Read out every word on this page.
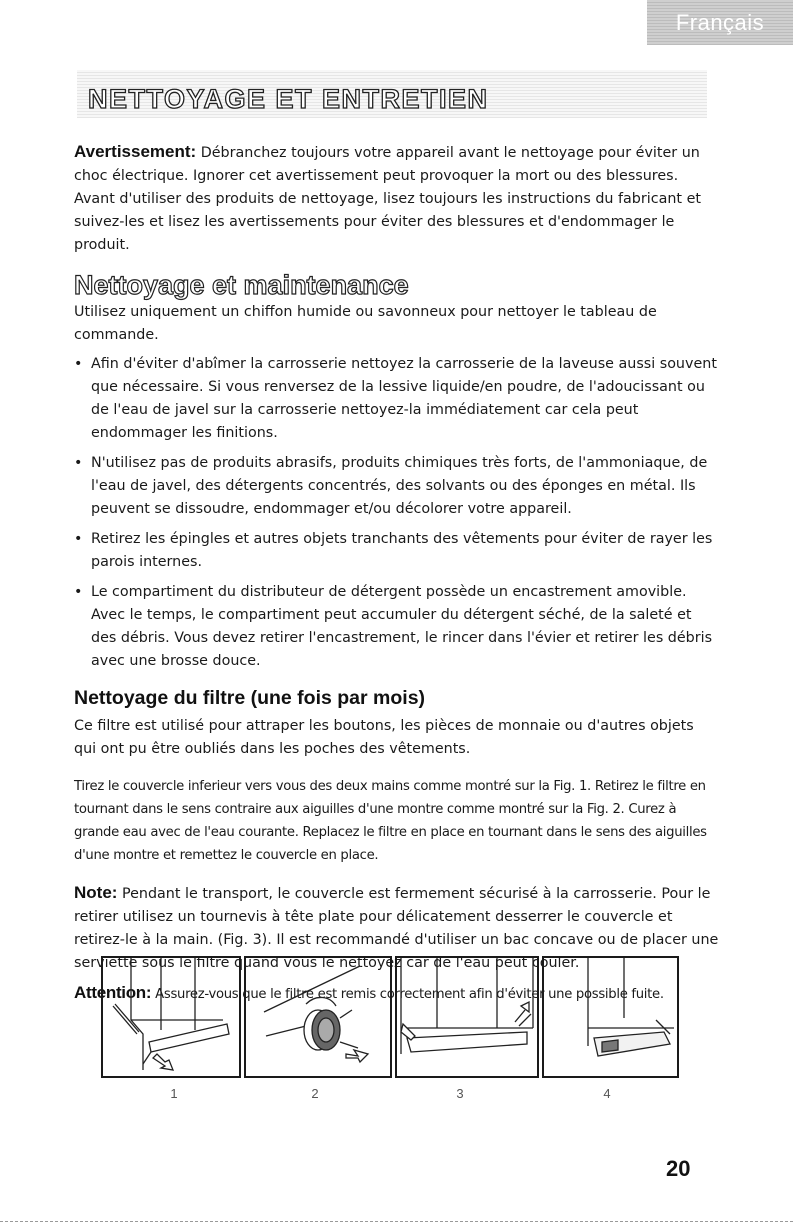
Français
NETTOYAGE ET ENTRETIEN

Avertissement: Débranchez toujours votre appareil avant le nettoyage pour éviter un choc électrique. Ignorer cet avertissement peut provoquer la mort ou des blessures. Avant d'utiliser des produits de nettoyage, lisez toujours les instructions du fabricant et suivez-les et lisez les avertissements pour éviter des blessures et d'endommager le produit.

Nettoyage et maintenance

Utilisez uniquement un chiffon humide ou savonneux pour nettoyer le tableau de commande.

• Afin d'éviter d'abîmer la carrosserie nettoyez la carrosserie de la laveuse aussi souvent que nécessaire. Si vous renversez de la lessive liquide/en poudre, de l'adoucissant ou de l'eau de javel sur la carrosserie nettoyez-la immédiatement car cela peut endommager les finitions.
• N'utilisez pas de produits abrasifs, produits chimiques très forts, de l'ammoniaque, de l'eau de javel, des détergents concentrés, des solvants ou des éponges en métal. Ils peuvent se dissoudre, endommager et/ou décolorer votre appareil.
• Retirez les épingles et autres objets tranchants des vêtements pour éviter de rayer les parois internes.
• Le compartiment du distributeur de détergent possède un encastrement amovible. Avec le temps, le compartiment peut accumuler du détergent séché, de la saleté et des débris. Vous devez retirer l'encastrement, le rincer dans l'évier et retirer les débris avec une brosse douce.
Nettoyage du filtre (une fois par mois)

Ce filtre est utilisé pour attraper les boutons, les pièces de monnaie ou d'autres objets qui ont pu être oubliés dans les poches des vêtements.

Tirez le couvercle inferieur vers vous des deux mains comme montré sur la Fig. 1. Retirez le filtre en tournant dans le sens contraire aux aiguilles d'une montre comme montré sur la Fig. 2. Curez à grande eau avec de l'eau courante. Replacez le filtre en place en tournant dans le sens des aiguilles d'une montre et remettez le couvercle en place.

Note: Pendant le transport, le couvercle est fermement sécurisé à la carrosserie. Pour le retirer utilisez un tournevis à tête plate pour délicatement desserrer le couvercle et retirez-le à la main. (Fig. 3). Il est recommandé d'utiliser un bac concave ou de placer une serviette sous le filtre quand vous le nettoyez car de l'eau peut couler.

Attention: Assurez-vous que le filtre est remis correctement afin d'éviter une possible fuite.

1	2	3	4

20
